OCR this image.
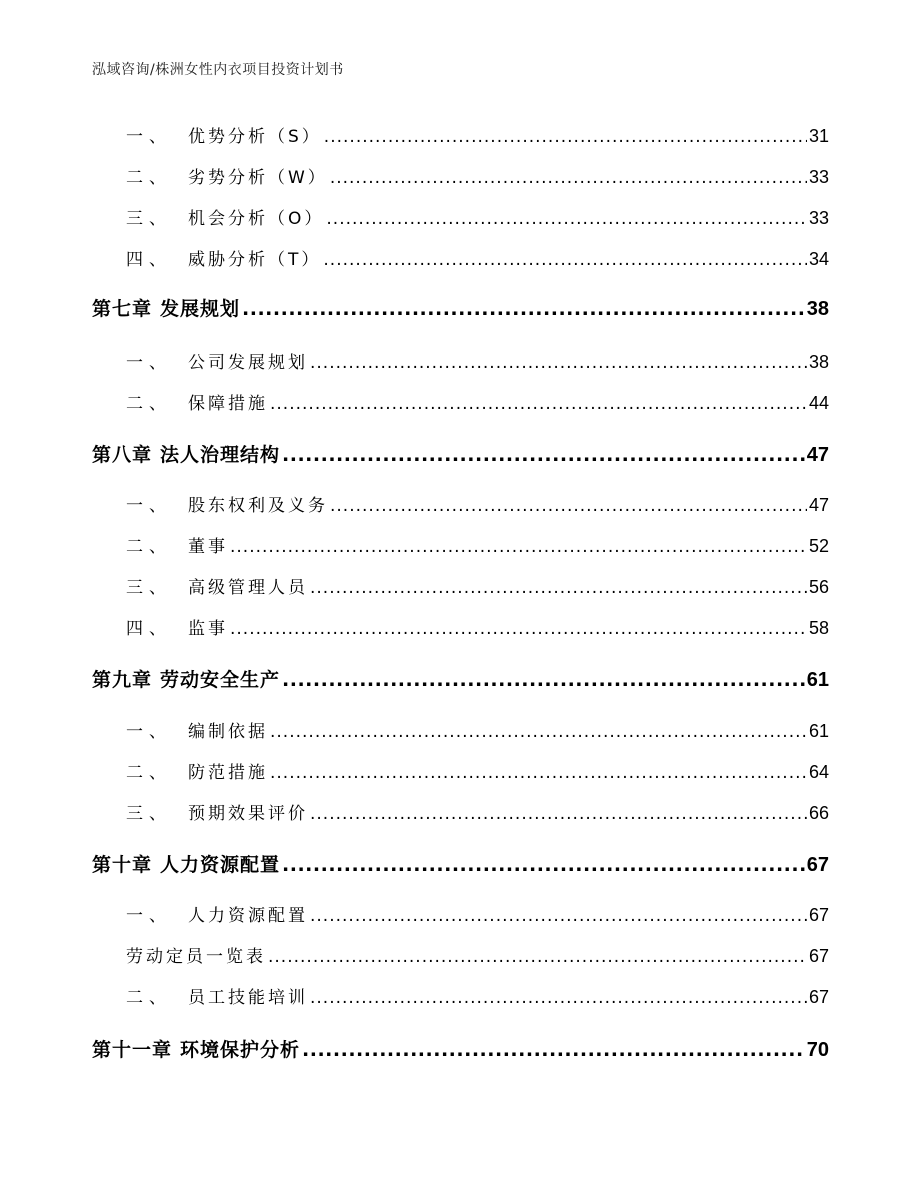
泓域咨询/株洲女性内衣项目投资计划书
一、 优势分析（S） .....	31
二、 劣势分析（W） .....	33
三、 机会分析（O） .....	33
四、 威胁分析（T） .....	34
第七章 发展规划 .....	38
一、 公司发展规划 .....	38
二、 保障措施 .....	44
第八章 法人治理结构 .....	47
一、 股东权利及义务 .....	47
二、 董事 .....	52
三、 高级管理人员 .....	56
四、 监事 .....	58
第九章 劳动安全生产 .....	61
一、 编制依据 .....	61
二、 防范措施 .....	64
三、 预期效果评价 .....	66
第十章 人力资源配置 .....	67
一、 人力资源配置 .....	67
劳动定员一览表 .....	67
二、 员工技能培训 .....	67
第十一章 环境保护分析 .....	70
